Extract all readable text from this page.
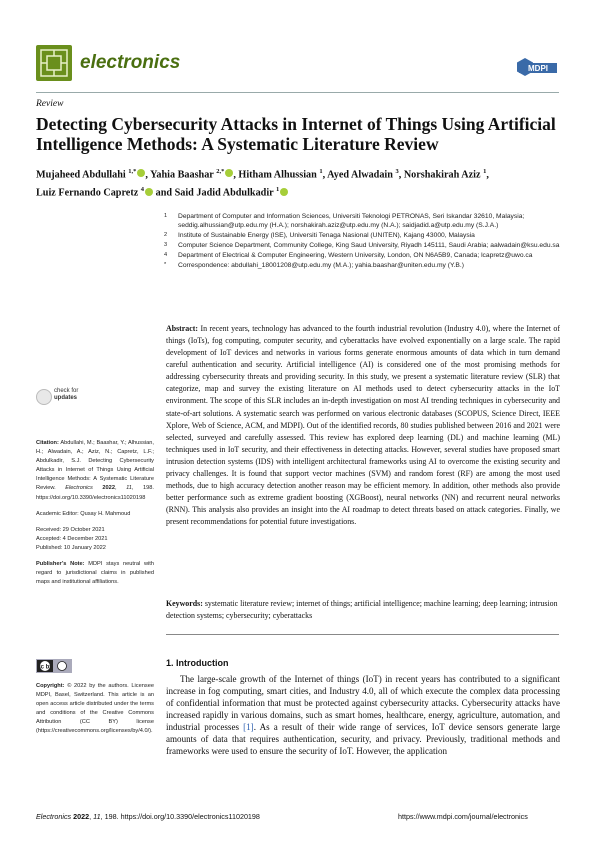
electronics	MDPI
Review
Detecting Cybersecurity Attacks in Internet of Things Using Artificial Intelligence Methods: A Systematic Literature Review
Mujaheed Abdullahi $^{1,*}$ , Yahia Baashar $^{2,*}$ , Hitham Alhussian $^1$, Ayed Alwadain $^3$, Norshakirah Aziz $^1$,
Luiz Fernando Capretz $^4$ and Said Jadid Abdulkadir $^1$
1 Department of Computer and Information Sciences, Universiti Teknologi PETRONAS, Seri Iskandar 32610, Malaysia; seddig.alhussian@utp.edu.my (H.A.); norshakirah.aziz@utp.edu.my (N.A.); saidjadid.a@utp.edu.my (S.J.A.)
2 Institute of Sustainable Energy (ISE), Universiti Tenaga Nasional (UNITEN), Kajang 43000, Malaysia
3 Computer Science Department, Community College, King Saud University, Riyadh 145111, Saudi Arabia; aalwadain@ksu.edu.sa
4 Department of Electrical & Computer Engineering, Western University, London, ON N6A5B9, Canada; lcapretz@uwo.ca
* Correspondence: abdullahi_18001208@utp.edu.my (M.A.); yahia.baashar@uniten.edu.my (Y.B.)
Abstract: In recent years, technology has advanced to the fourth industrial revolution (Industry 4.0), where the Internet of things (IoTs), fog computing, computer security, and cyberattacks have evolved exponentially on a large scale. The rapid development of IoT devices and networks in various forms generate enormous amounts of data which in turn demand careful authentication and security. Artificial intelligence (AI) is considered one of the most promising methods for addressing cybersecurity threats and providing security. In this study, we present a systematic literature review (SLR) that categorize, map and survey the existing literature on AI methods used to detect cybersecurity attacks in the IoT environment. The scope of this SLR includes an in-depth investigation on most AI trending techniques in cybersecurity and state-of-art solutions. A systematic search was performed on various electronic databases (SCOPUS, Science Direct, IEEE Xplore, Web of Science, ACM, and MDPI). Out of the identified records, 80 studies published between 2016 and 2021 were selected, surveyed and carefully assessed. This review has explored deep learning (DL) and machine learning (ML) techniques used in IoT security, and their effectiveness in detecting attacks. However, several studies have proposed smart intrusion detection systems (IDS) with intelligent architectural frameworks using AI to overcome the existing security and privacy challenges. It is found that support vector machines (SVM) and random forest (RF) are among the most used methods, due to high accuracy detection another reason may be efficient memory. In addition, other methods also provide better performance such as extreme gradient boosting (XGBoost), neural networks (NN) and recurrent neural networks (RNN). This analysis also provides an insight into the AI roadmap to detect threats based on attack categories. Finally, we present recommendations for potential future investigations.
Keywords: systematic literature review; internet of things; artificial intelligence; machine learning; deep learning; intrusion detection systems; cybersecurity; cyberattacks
1. Introduction

The large-scale growth of the Internet of things (IoT) in recent years has contributed to a significant increase in fog computing, smart cities, and Industry 4.0, all of which execute the complex data processing of confidential information that must be protected against cybersecurity attacks. Cybersecurity attacks have increased rapidly in various domains, such as smart homes, healthcare, energy, agriculture, automation, and industrial processes [1]. As a result of their wide range of services, IoT device sensors generate large amounts of data that requires authentication, security, and privacy. Previously, traditional methods and frameworks were used to ensure the security of IoT. However, the application

check for
updates

Citation: Abdullahi, M.; Baashar, Y.; Alhussian, H.; Alwadain, A.; Aziz, N.; Capretz, L.F.; Abdulkadir, S.J. Detecting Cybersecurity Attacks in Internet of Things Using Artificial Intelligence Methods: A Systematic Literature Review. Electronics 2022, 11, 198. https://doi.org/10.3390/electronics11020198

Academic Editor: Qusay H. Mahmoud

Received: 29 October 2021

Accepted: 4 December 2021

Published: 10 January 2022

Publisher’s Note: MDPI stays neutral with regard to jurisdictional claims in published maps and institutional affiliations.

cc by
Copyright: © 2022 by the authors. Licensee MDPI, Basel, Switzerland. This article is an open access article distributed under the terms and conditions of the Creative Commons Attribution (CC BY) license (https://creativecommons.org/licenses/by/4.0/).
Electronics 2022, 11, 198. https://doi.org/10.3390/electronics11020198	https://www.mdpi.com/journal/electronics
